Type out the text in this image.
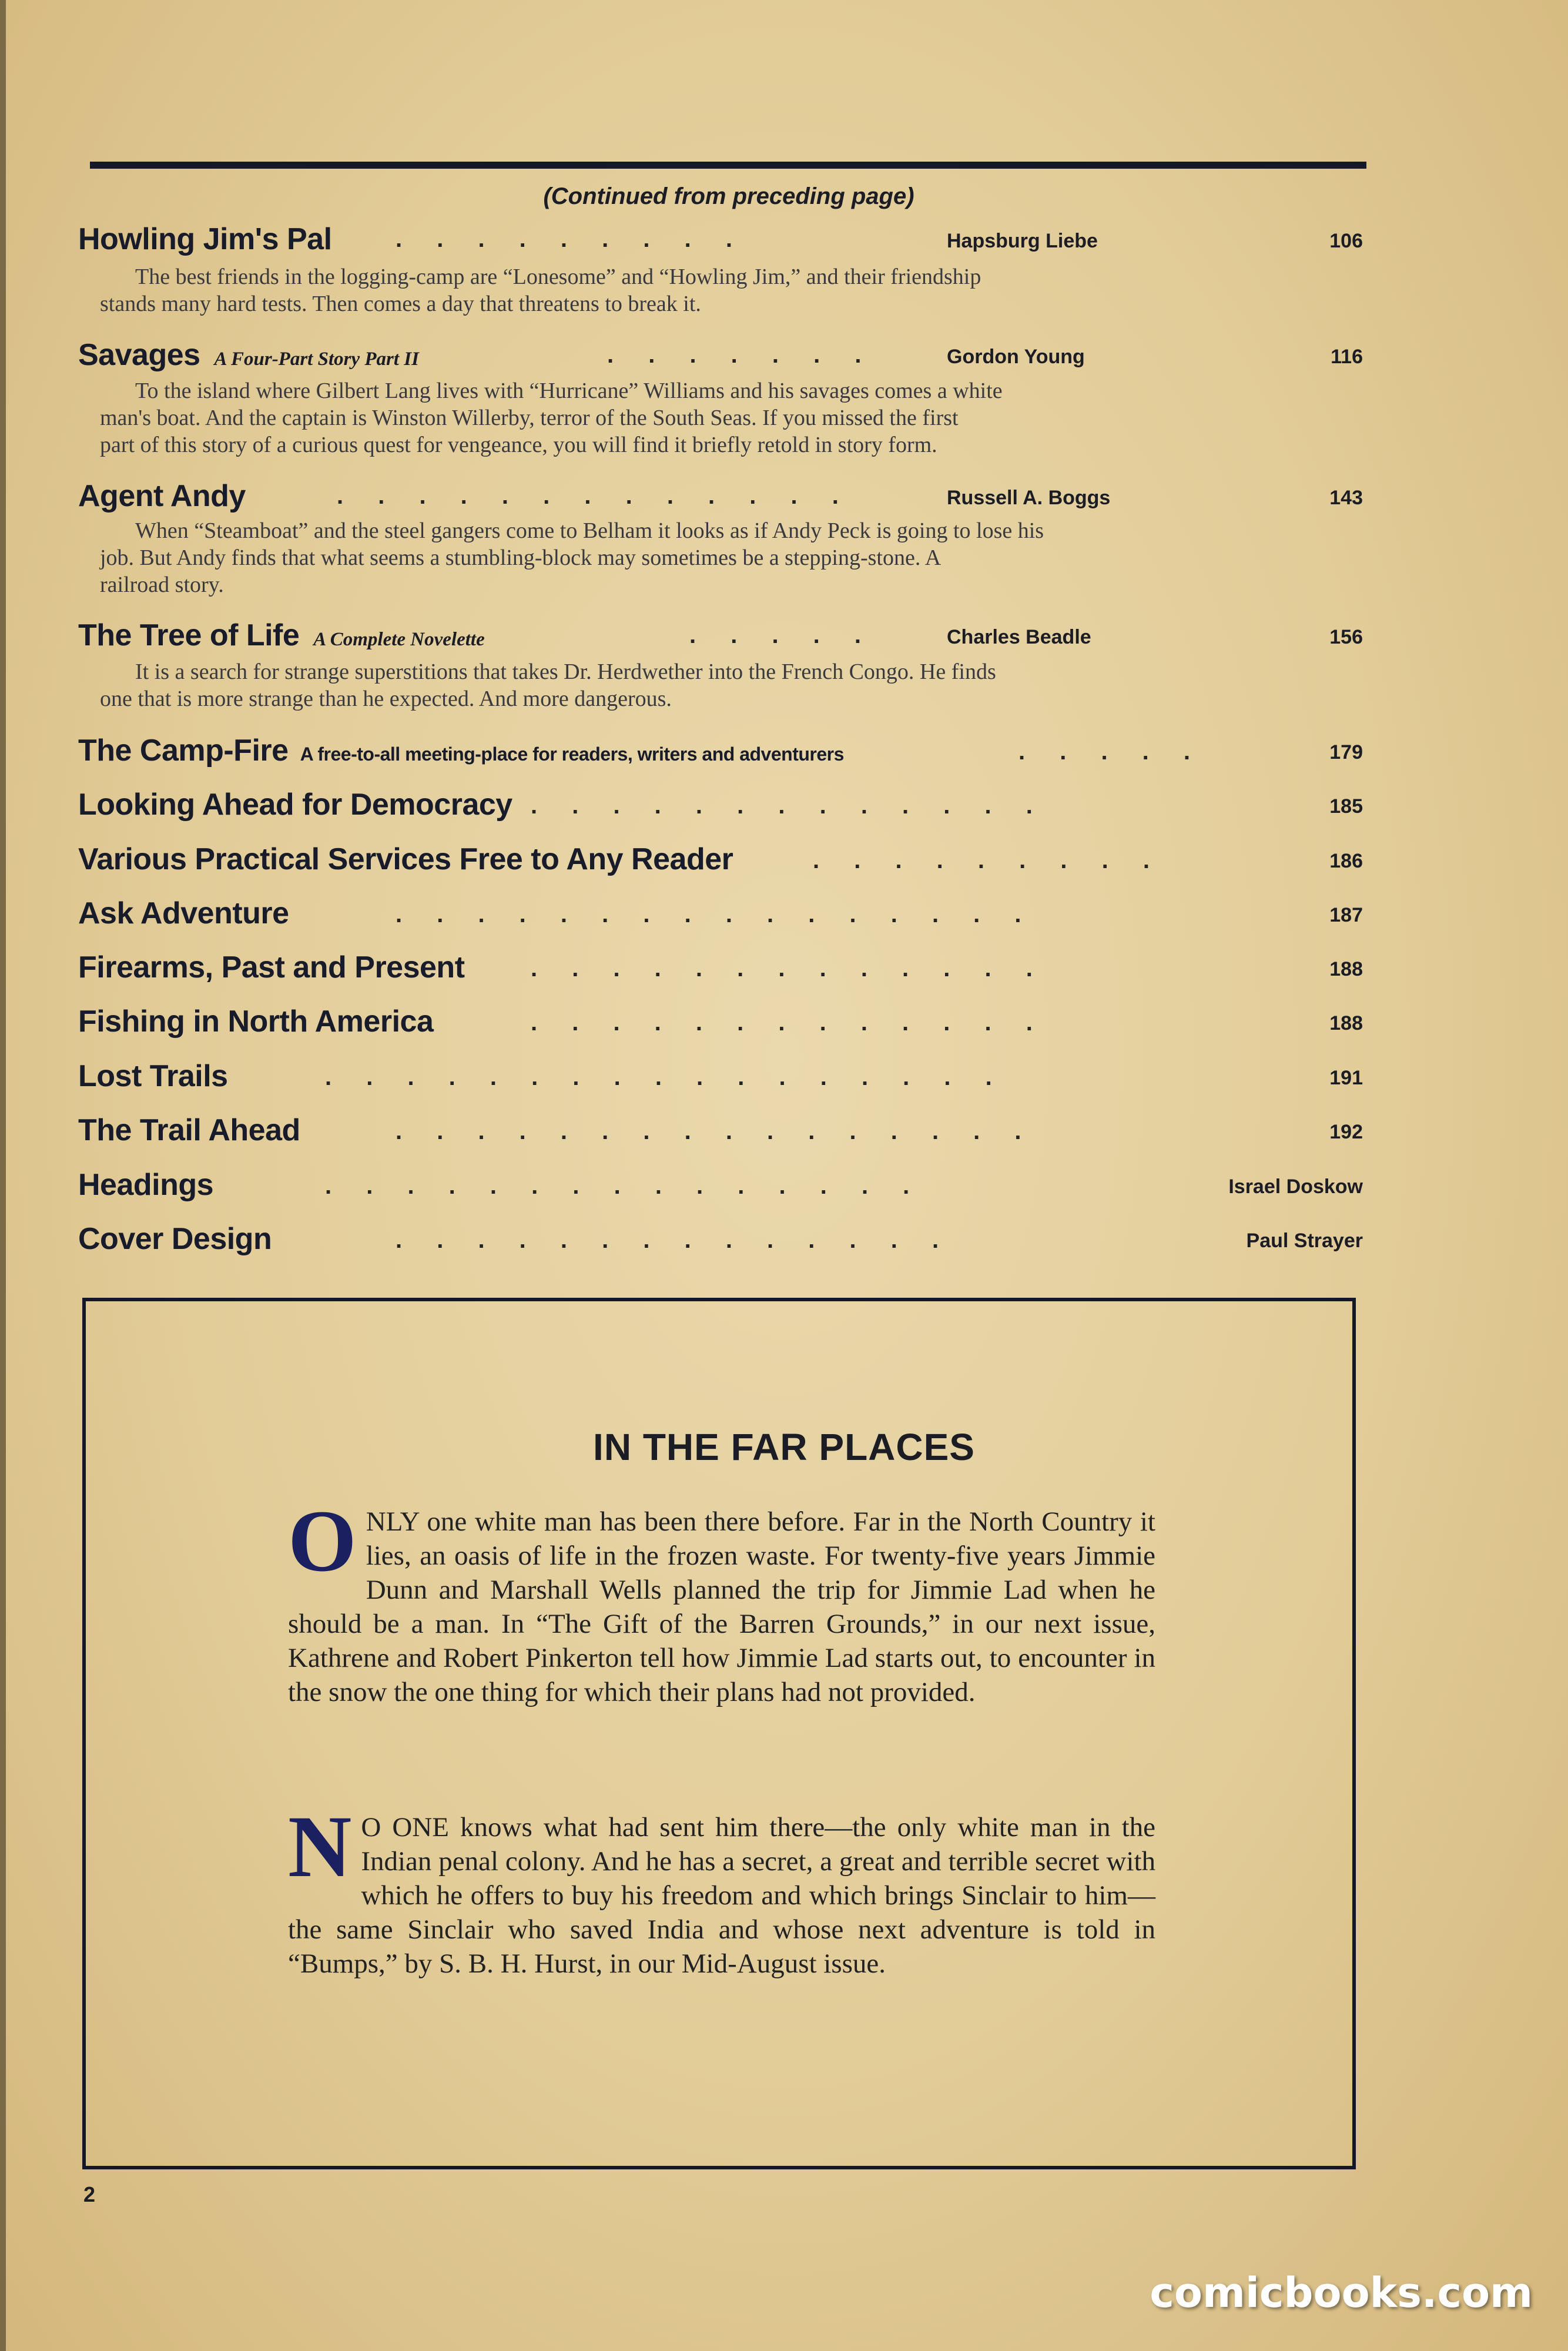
(Continued from preceding page)
Howling Jim's Pal	. . . . . . . . .	Hapsburg Liebe	106
The best friends in the logging-camp are “Lonesome” and “Howling Jim,” and their friendship
stands many hard tests. Then comes a day that threatens to break it.
Savages A Four-Part Story Part II	. . . . . . .	Gordon Young	116
To the island where Gilbert Lang lives with “Hurricane” Williams and his savages comes a white
man's boat. And the captain is Winston Willerby, terror of the South Seas. If you missed the first
part of this story of a curious quest for vengeance, you will find it briefly retold in story form.
Agent Andy	. . . . . . . . . . . . .	Russell A. Boggs	143
When “Steamboat” and the steel gangers come to Belham it looks as if Andy Peck is going to lose his
job. But Andy finds that what seems a stumbling-block may sometimes be a stepping-stone. A
railroad story.
The Tree of Life A Complete Novelette	. . . . .	Charles Beadle	156
It is a search for strange superstitions that takes Dr. Herdwether into the French Congo. He finds
one that is more strange than he expected. And more dangerous.
The Camp-Fire A free-to-all meeting-place for readers, writers and adventurers	. . . . .	179
Looking Ahead for Democracy . . . . . . . . . . . . .	185
Various Practical Services Free to Any Reader	. . . . . . . . .	186
Ask Adventure	. . . . . . . . . . . . . . . .	187
Firearms, Past and Present	. . . . . . . . . . . . .	188
Fishing in North America	. . . . . . . . . . . . .	188
Lost Trails	. . . . . . . . . . . . . . . . .	191
The Trail Ahead	. . . . . . . . . . . . . . . .	192
Headings	. . . . . . . . . . . . . . .	Israel Doskow
Cover Design	. . . . . . . . . . . . . .	Paul Strayer
IN THE FAR PLACES
O NLY one white man has been there before. Far in the North Country it lies, an oasis of life in the frozen waste. For twenty-five years Jimmie Dunn and Marshall Wells planned the trip for Jimmie Lad when he should be a man. In “The Gift of the Barren Grounds,” in our next issue, Kathrene and Robert Pinkerton tell how Jimmie Lad starts out, to encounter in the snow the one thing for which their plans had not provided.
N O ONE knows what had sent him there—the only white man in the Indian penal colony. And he has a secret, a great and terrible secret with which he offers to buy his freedom and which brings Sinclair to him—the same Sinclair who saved India and whose next adventure is told in “Bumps,” by S. B. H. Hurst, in our Mid-August issue.
2
comicbooks.com
